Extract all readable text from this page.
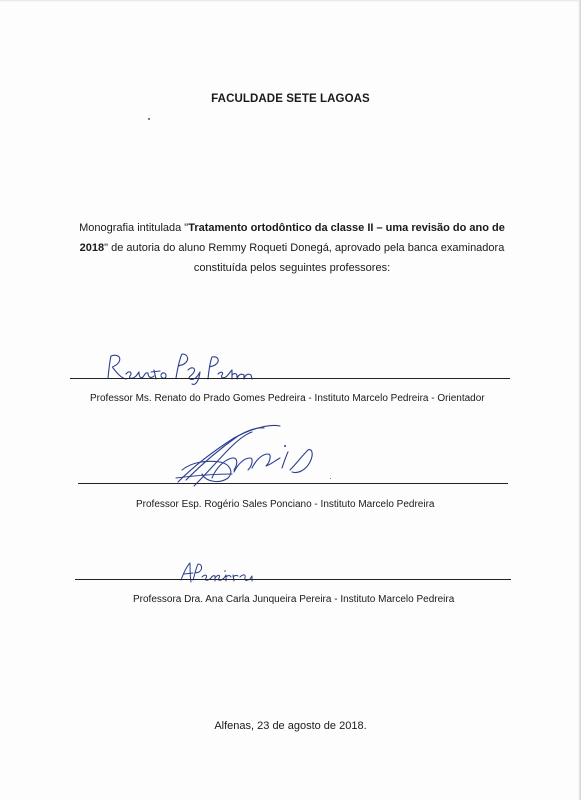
FACULDADE SETE LAGOAS
Monografia intitulada "Tratamento ortodôntico da classe II – uma revisão do ano de 2018" de autoria do aluno Remmy Roqueti Donegá, aprovado pela banca examinadora constituída pelos seguintes professores:
Professor Ms. Renato do Prado Gomes Pedreira - Instituto Marcelo Pedreira - Orientador
Professor Esp. Rogério Sales Ponciano - Instituto Marcelo Pedreira
Professora Dra. Ana Carla Junqueira Pereira - Instituto Marcelo Pedreira
Alfenas, 23 de agosto de 2018.
